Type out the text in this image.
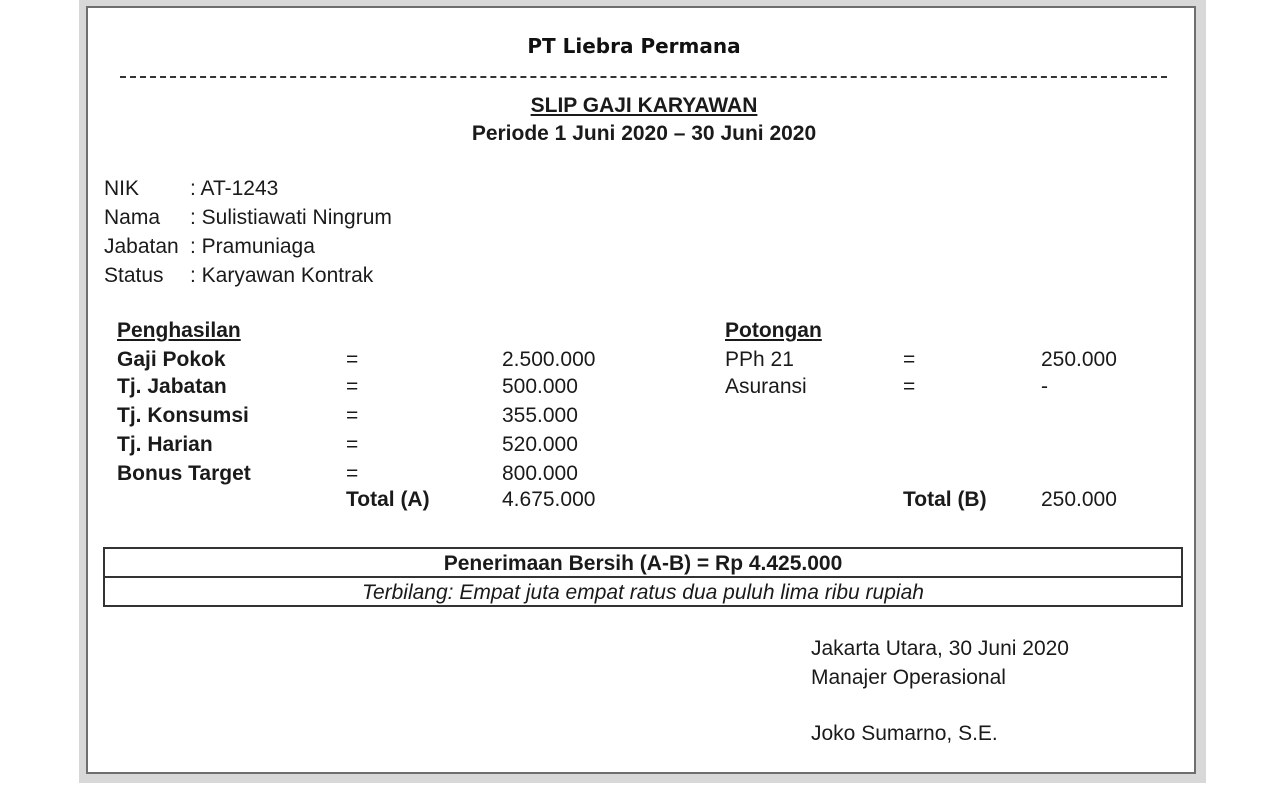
PT Liebra Permana
SLIP GAJI KARYAWAN
Periode 1 Juni 2020 – 30 Juni 2020
NIK : AT-1243
Nama : Sulistiawati Ningrum
Jabatan : Pramuniaga
Status : Karyawan Kontrak
Penghasilan
Gaji Pokok	=	2.500.000
Tj. Jabatan	=	500.000
Tj. Konsumsi	=	355.000
Tj. Harian	=	520.000
Bonus Target	=	800.000
Total (A)	4.675.000
Potongan
PPh 21	=	250.000
Asuransi	=	-
Total (B)	250.000
Penerimaan Bersih (A-B) = Rp 4.425.000
Terbilang: Empat juta empat ratus dua puluh lima ribu rupiah
Jakarta Utara, 30 Juni 2020
Manajer Operasional
Joko Sumarno, S.E.
